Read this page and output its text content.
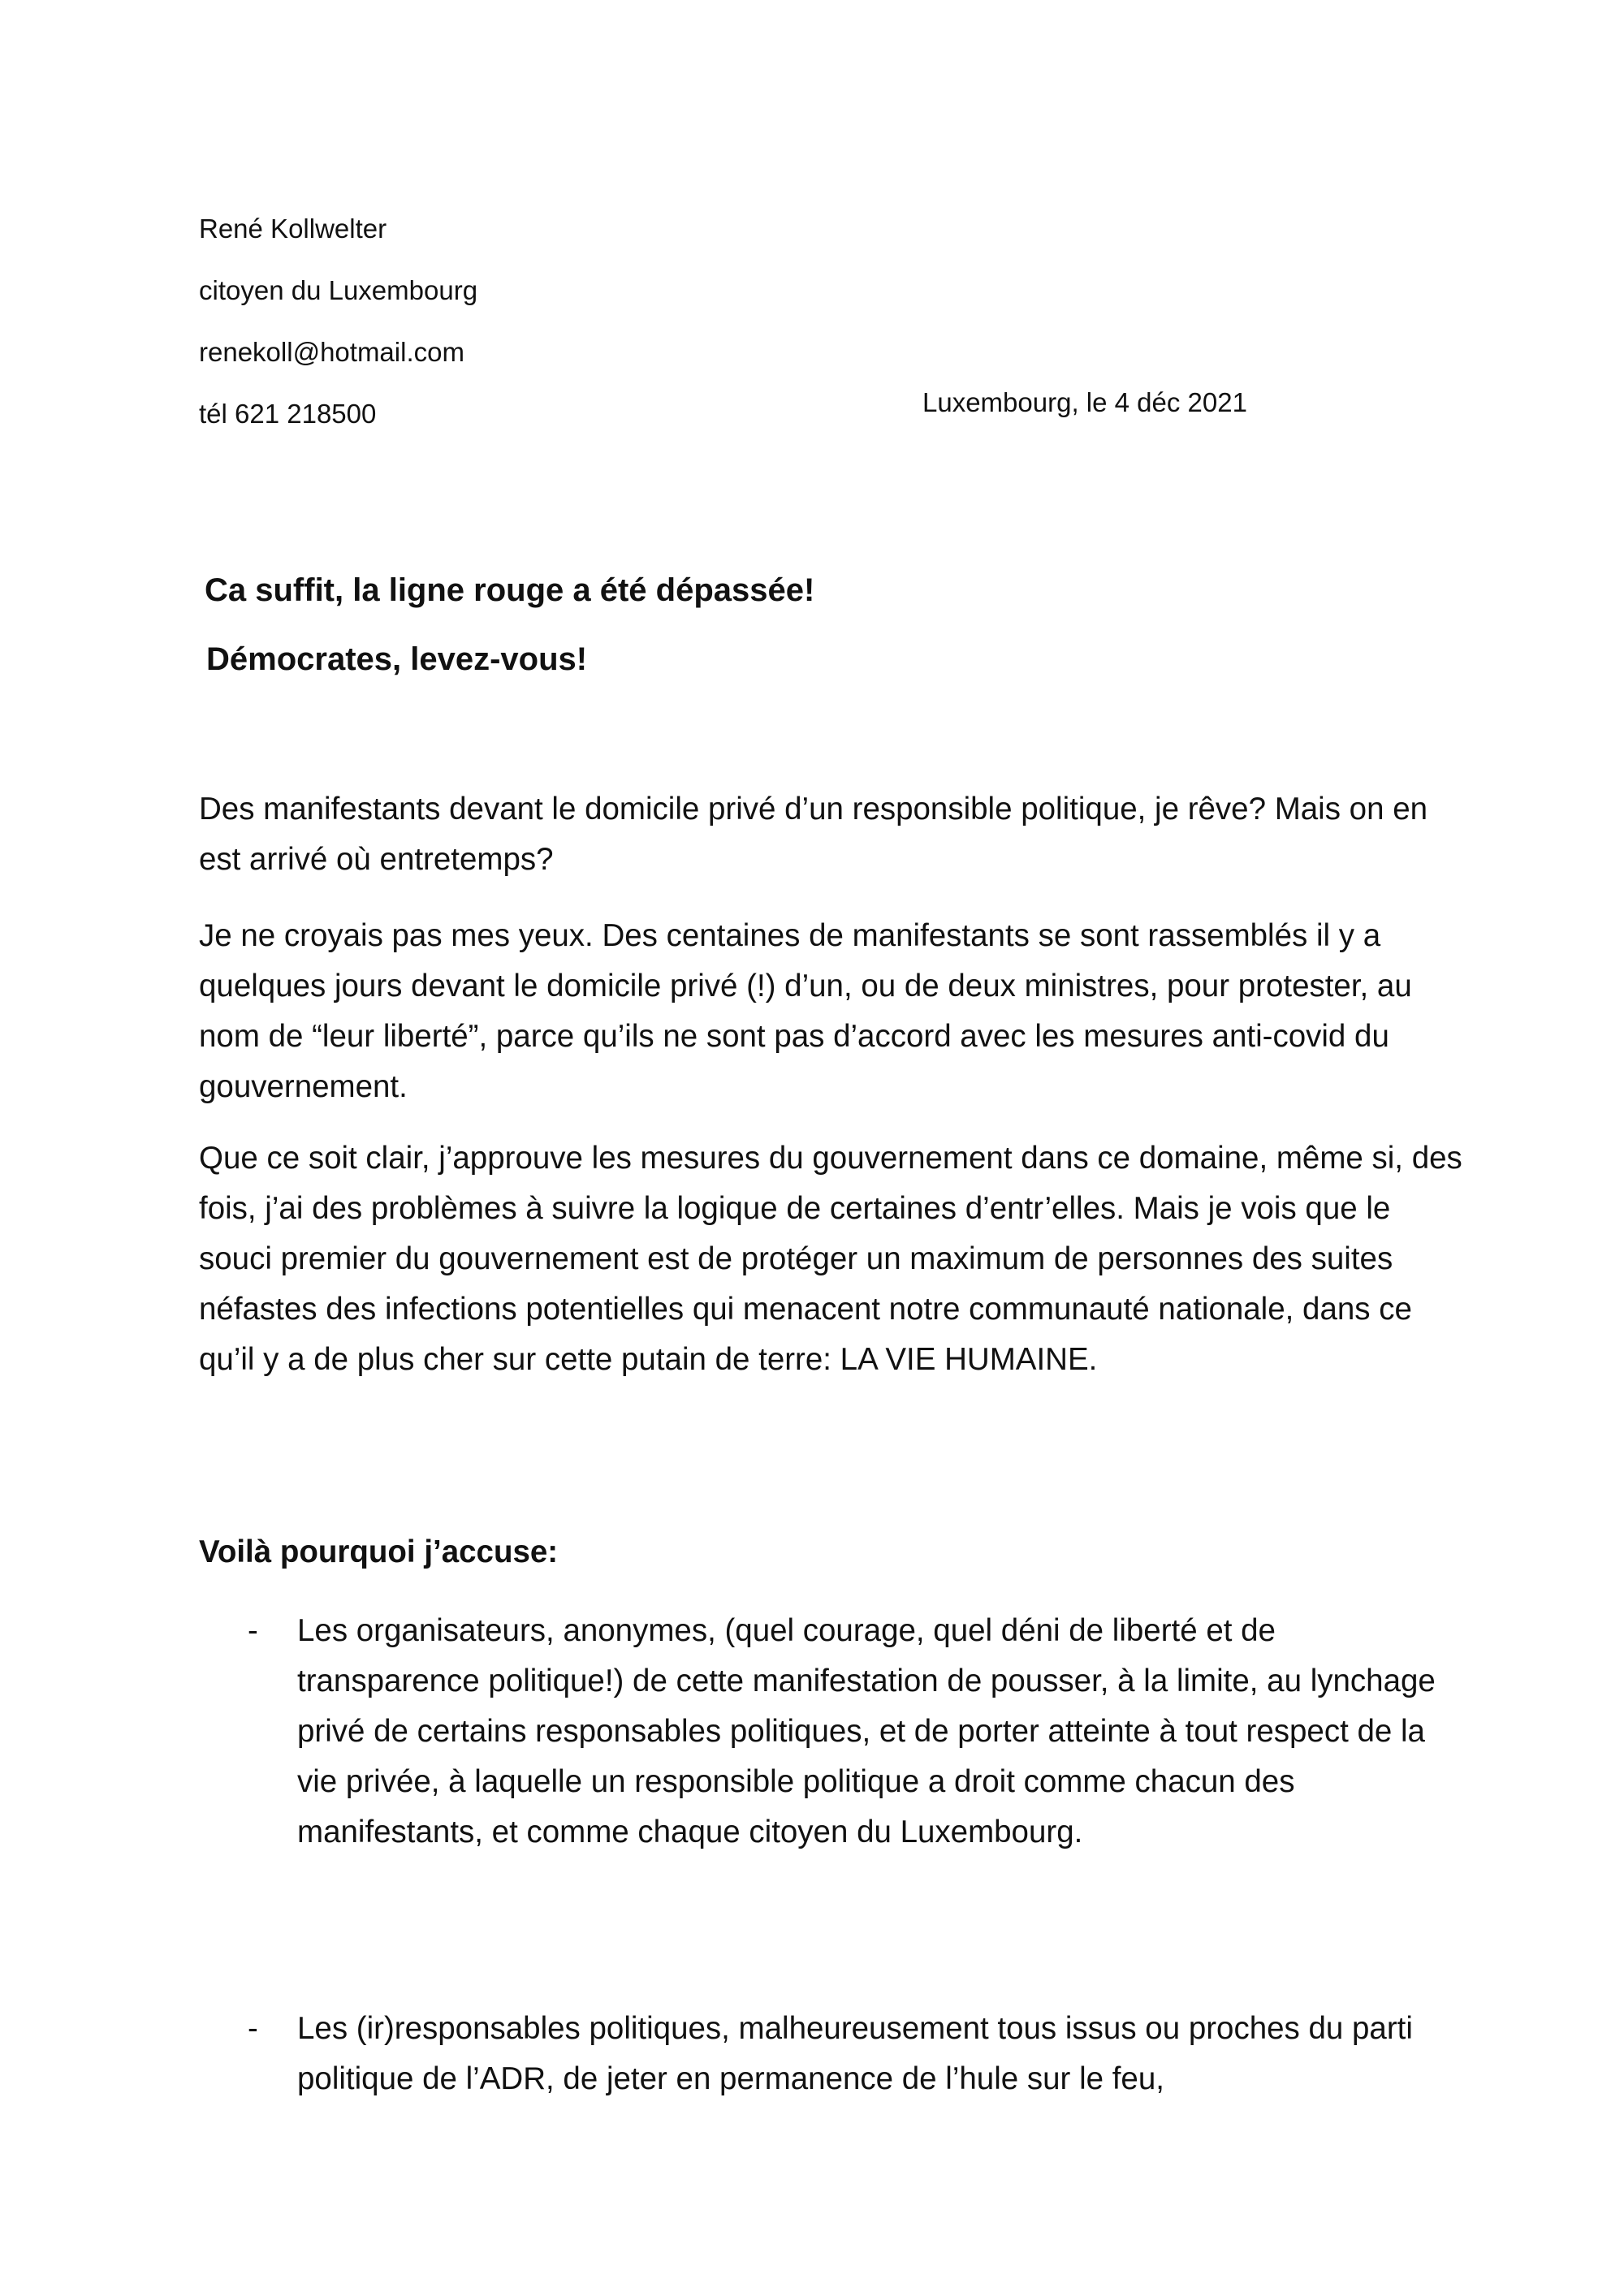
René Kollwelter
citoyen du Luxembourg
renekoll@hotmail.com
tél 621 218500	Luxembourg, le 4 déc 2021
Ca suffit, la ligne rouge a été dépassée!
Démocrates, levez-vous!
Des manifestants devant le domicile privé d’un responsible politique, je rêve? Mais on en est arrivé où entretemps?
Je ne croyais pas mes yeux. Des centaines de manifestants se sont rassemblés il y a quelques jours devant le domicile privé (!) d’un, ou de deux ministres, pour protester, au nom de “leur liberté”, parce qu’ils ne sont pas d’accord avec les mesures anti-covid du gouvernement.
Que ce soit clair, j’approuve les mesures du gouvernement dans ce domaine, même si, des fois, j’ai des problèmes à suivre la logique de certaines d’entr’elles. Mais je vois que le souci premier du gouvernement est de protéger un maximum de personnes des suites néfastes des infections potentielles qui menacent notre communauté nationale, dans ce qu’il y a de plus cher sur cette putain de terre: LA VIE HUMAINE.
Voilà pourquoi j’accuse:
- Les organisateurs, anonymes, (quel courage, quel déni de liberté et de transparence politique!) de cette manifestation de pousser, à la limite, au lynchage privé de certains responsables politiques, et de porter atteinte à tout respect de la vie privée, à laquelle un responsible politique a droit comme chacun des manifestants, et comme chaque citoyen du Luxembourg.
- Les (ir)responsables politiques, malheureusement tous issus ou proches du parti politique de l’ADR, de jeter en permanence de l’hule sur le feu,
